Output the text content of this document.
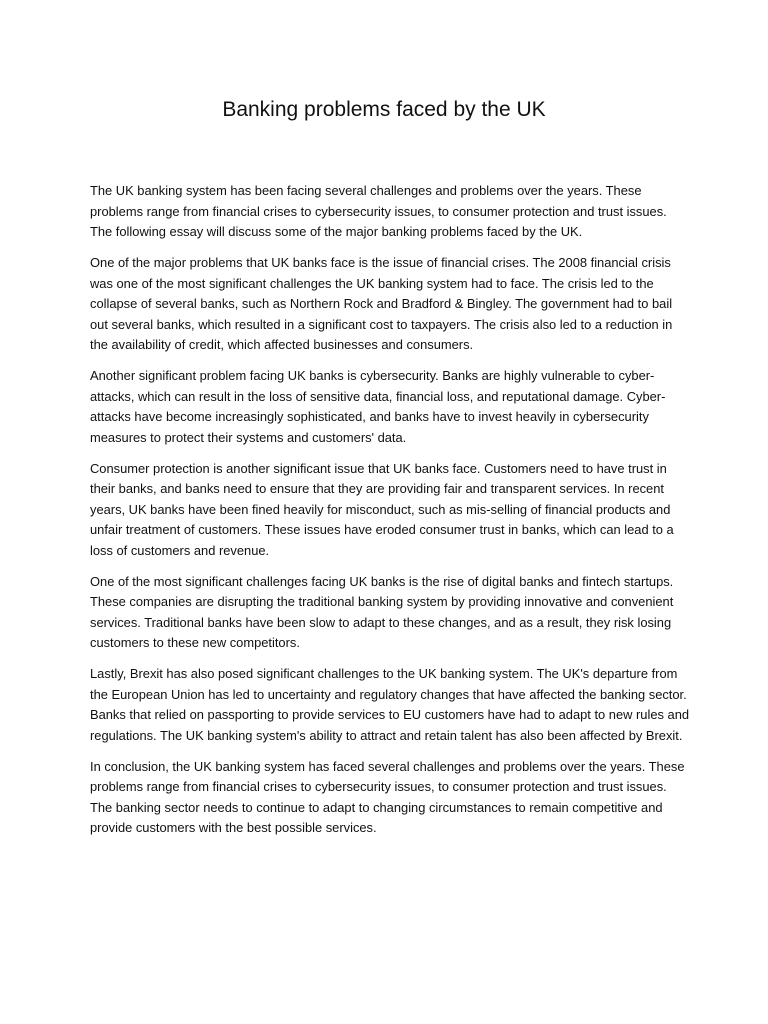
Banking problems faced by the UK

The UK banking system has been facing several challenges and problems over the years. These problems range from financial crises to cybersecurity issues, to consumer protection and trust issues. The following essay will discuss some of the major banking problems faced by the UK.

One of the major problems that UK banks face is the issue of financial crises. The 2008 financial crisis was one of the most significant challenges the UK banking system had to face. The crisis led to the collapse of several banks, such as Northern Rock and Bradford & Bingley. The government had to bail out several banks, which resulted in a significant cost to taxpayers. The crisis also led to a reduction in the availability of credit, which affected businesses and consumers.

Another significant problem facing UK banks is cybersecurity. Banks are highly vulnerable to cyber-attacks, which can result in the loss of sensitive data, financial loss, and reputational damage. Cyber-attacks have become increasingly sophisticated, and banks have to invest heavily in cybersecurity measures to protect their systems and customers' data.

Consumer protection is another significant issue that UK banks face. Customers need to have trust in their banks, and banks need to ensure that they are providing fair and transparent services. In recent years, UK banks have been fined heavily for misconduct, such as mis-selling of financial products and unfair treatment of customers. These issues have eroded consumer trust in banks, which can lead to a loss of customers and revenue.

One of the most significant challenges facing UK banks is the rise of digital banks and fintech startups. These companies are disrupting the traditional banking system by providing innovative and convenient services. Traditional banks have been slow to adapt to these changes, and as a result, they risk losing customers to these new competitors.

Lastly, Brexit has also posed significant challenges to the UK banking system. The UK's departure from the European Union has led to uncertainty and regulatory changes that have affected the banking sector. Banks that relied on passporting to provide services to EU customers have had to adapt to new rules and regulations. The UK banking system's ability to attract and retain talent has also been affected by Brexit.

In conclusion, the UK banking system has faced several challenges and problems over the years. These problems range from financial crises to cybersecurity issues, to consumer protection and trust issues. The banking sector needs to continue to adapt to changing circumstances to remain competitive and provide customers with the best possible services.
